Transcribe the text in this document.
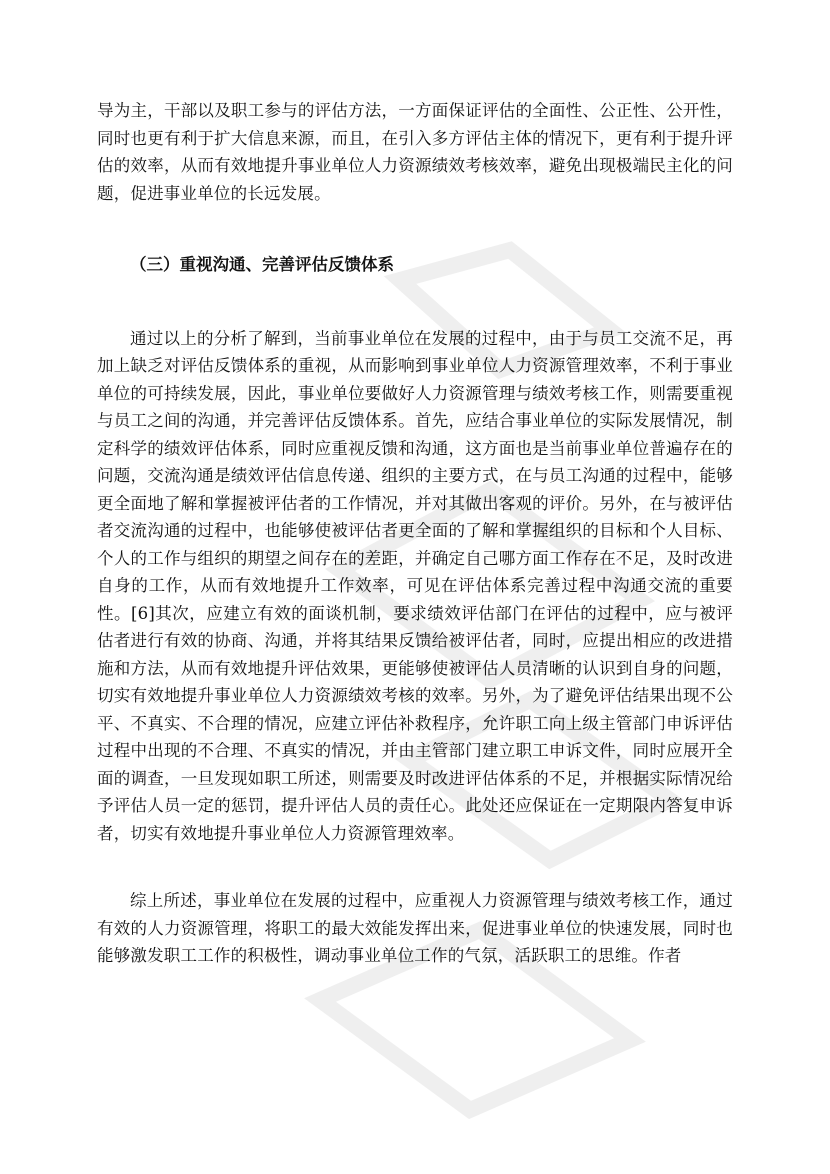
导为主，干部以及职工参与的评估方法，一方面保证评估的全面性、公正性、公开性，同时也更有利于扩大信息来源，而且，在引入多方评估主体的情况下，更有利于提升评估的效率，从而有效地提升事业单位人力资源绩效考核效率，避免出现极端民主化的问题，促进事业单位的长远发展。

（三）重视沟通、完善评估反馈体系

通过以上的分析了解到，当前事业单位在发展的过程中，由于与员工交流不足，再加上缺乏对评估反馈体系的重视，从而影响到事业单位人力资源管理效率，不利于事业单位的可持续发展，因此，事业单位要做好人力资源管理与绩效考核工作，则需要重视与员工之间的沟通，并完善评估反馈体系。首先，应结合事业单位的实际发展情况，制定科学的绩效评估体系，同时应重视反馈和沟通，这方面也是当前事业单位普遍存在的问题，交流沟通是绩效评估信息传递、组织的主要方式，在与员工沟通的过程中，能够更全面地了解和掌握被评估者的工作情况，并对其做出客观的评价。另外，在与被评估者交流沟通的过程中，也能够使被评估者更全面的了解和掌握组织的目标和个人目标、个人的工作与组织的期望之间存在的差距，并确定自己哪方面工作存在不足，及时改进自身的工作，从而有效地提升工作效率，可见在评估体系完善过程中沟通交流的重要性。[6]其次，应建立有效的面谈机制，要求绩效评估部门在评估的过程中，应与被评估者进行有效的协商、沟通，并将其结果反馈给被评估者，同时，应提出相应的改进措施和方法，从而有效地提升评估效果，更能够使被评估人员清晰的认识到自身的问题，切实有效地提升事业单位人力资源绩效考核的效率。另外，为了避免评估结果出现不公平、不真实、不合理的情况，应建立评估补救程序，允许职工向上级主管部门申诉评估过程中出现的不合理、不真实的情况，并由主管部门建立职工申诉文件，同时应展开全面的调查，一旦发现如职工所述，则需要及时改进评估体系的不足，并根据实际情况给予评估人员一定的惩罚，提升评估人员的责任心。此处还应保证在一定期限内答复申诉者，切实有效地提升事业单位人力资源管理效率。

综上所述，事业单位在发展的过程中，应重视人力资源管理与绩效考核工作，通过有效的人力资源管理，将职工的最大效能发挥出来，促进事业单位的快速发展，同时也能够激发职工工作的积极性，调动事业单位工作的气氛，活跃职工的思维。作者
